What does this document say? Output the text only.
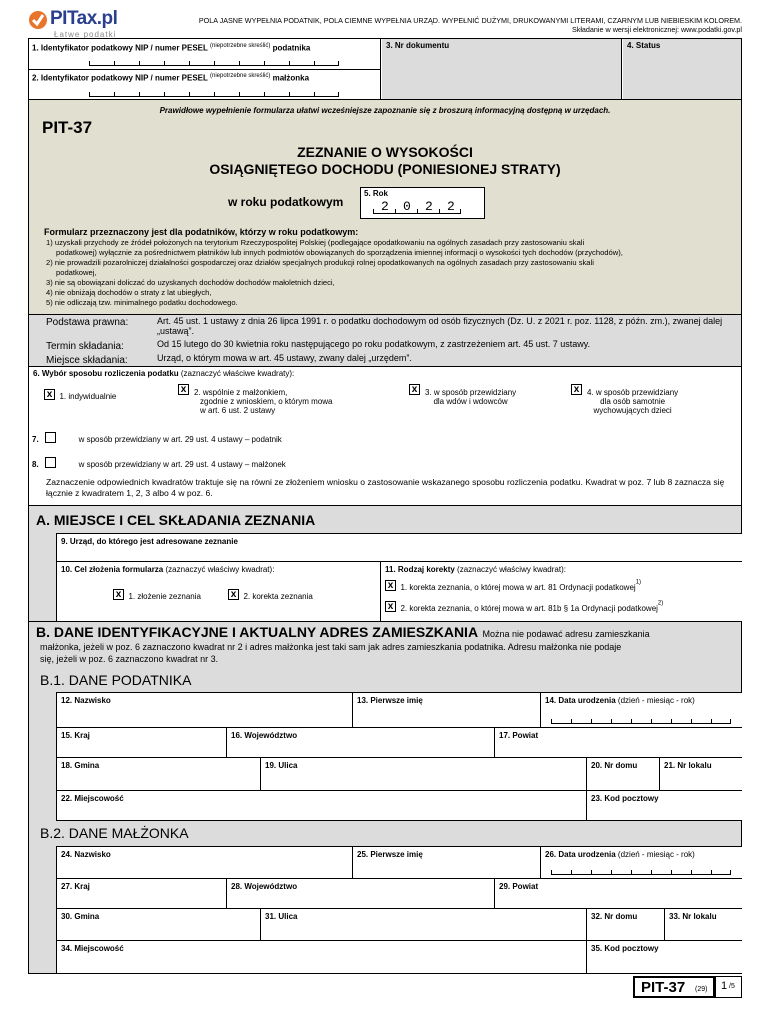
PITax.pl
Łatwe podatki
POLA JASNE WYPEŁNIA PODATNIK, POLA CIEMNE WYPEŁNIA URZĄD. WYPEŁNIĆ DUŻYMI, DRUKOWANYMI LITERAMI, CZARNYM LUB NIEBIESKIM KOLOREM.
Składanie w wersji elektronicznej: www.podatki.gov.pl
1. Identyfikator podatkowy NIP / numer PESEL $^{(niepotrzebne skreślić)}$ podatnika
2. Identyfikator podatkowy NIP / numer PESEL $^{(niepotrzebne skreślić)}$ małżonka
3. Nr dokumentu	4. Status
Prawidłowe wypełnienie formularza ułatwi wcześniejsze zapoznanie się z broszurą informacyjną dostępną w urzędach.
PIT-37
ZEZNANIE O WYSOKOŚCI
OSIĄGNIĘTEGO DOCHODU (PONIESIONEJ STRATY)
w roku podatkowym
5. Rok
2 0 2 2
Formularz przeznaczony jest dla podatników, którzy w roku podatkowym:
1) uzyskali przychody ze źródeł położonych na terytorium Rzeczypospolitej Polskiej (podlegające opodatkowaniu na ogólnych zasadach przy zastosowaniu skali
podatkowej) wyłącznie za pośrednictwem płatników lub innych podmiotów obowiązanych do sporządzenia imiennej informacji o wysokości tych dochodów (przychodów),
2) nie prowadzili pozarolniczej działalności gospodarczej oraz działów specjalnych produkcji rolnej opodatkowanych na ogólnych zasadach przy zastosowaniu skali
podatkowej,
3) nie są obowiązani doliczać do uzyskanych dochodów dochodów małoletnich dzieci,
4) nie obniżają dochodów o straty z lat ubiegłych,
5) nie odliczają tzw. minimalnego podatku dochodowego.
Podstawa prawna:	Art. 45 ust. 1 ustawy z dnia 26 lipca 1991 r. o podatku dochodowym od osób fizycznych (Dz. U. z 2021 r. poz. 1128, z późn. zm.), zwanej dalej „ustawą”.
Termin składania:	Od 15 lutego do 30 kwietnia roku następującego po roku podatkowym, z zastrzeżeniem art. 45 ust. 7 ustawy.
Miejsce składania:	Urząd, o którym mowa w art. 45 ustawy, zwany dalej „urzędem”.
6. Wybór sposobu rozliczenia podatku (zaznaczyć właściwe kwadraty):
x 1. indywidualnie
x 2. wspólnie z małżonkiem,
zgodnie z wnioskiem, o którym mowa
w art. 6 ust. 2 ustawy
x 3. w sposób przewidziany
dla wdów i wdowców
x 4. w sposób przewidziany
dla osób samotnie
wychowujących dzieci
7.	w sposób przewidziany w art. 29 ust. 4 ustawy – podatnik
8.	w sposób przewidziany w art. 29 ust. 4 ustawy – małżonek
Zaznaczenie odpowiednich kwadratów traktuje się na równi ze złożeniem wniosku o zastosowanie wskazanego sposobu rozliczenia podatku. Kwadrat w poz. 7 lub 8 zaznacza się łącznie z kwadratem 1, 2, 3 albo 4 w poz. 6.
A. MIEJSCE I CEL SKŁADANIA ZEZNANIA
9. Urząd, do którego jest adresowane zeznanie
10. Cel złożenia formularza (zaznaczyć właściwy kwadrat):
x 1. złożenie zeznania	x 2. korekta zeznania
11. Rodzaj korekty (zaznaczyć właściwy kwadrat):
x 1. korekta zeznania, o której mowa w art. 81 Ordynacji podatkowej$^{1)}$
x 2. korekta zeznania, o której mowa w art. 81b § 1a Ordynacji podatkowej$^{2)}$
B. DANE IDENTYFIKACYJNE I AKTUALNY ADRES ZAMIESZKANIA Można nie podawać adresu zamieszkania
małżonka, jeżeli w poz. 6 zaznaczono kwadrat nr 2 i adres małżonka jest taki sam jak adres zamieszkania podatnika. Adresu małżonka nie podaje
się, jeżeli w poz. 6 zaznaczono kwadrat nr 3.
B.1. DANE PODATNIKA
12. Nazwisko	13. Pierwsze imię	14. Data urodzenia (dzień - miesiąc - rok)
15. Kraj	16. Województwo	17. Powiat
18. Gmina	19. Ulica	20. Nr domu	21. Nr lokalu
22. Miejscowość	23. Kod pocztowy
B.2. DANE MAŁŻONKA
24. Nazwisko	25. Pierwsze imię	26. Data urodzenia (dzień - miesiąc - rok)
27. Kraj	28. Województwo	29. Powiat
30. Gmina	31. Ulica	32. Nr domu	33. Nr lokalu
34. Miejscowość	35. Kod pocztowy
PIT-37 (29) 1 /5
